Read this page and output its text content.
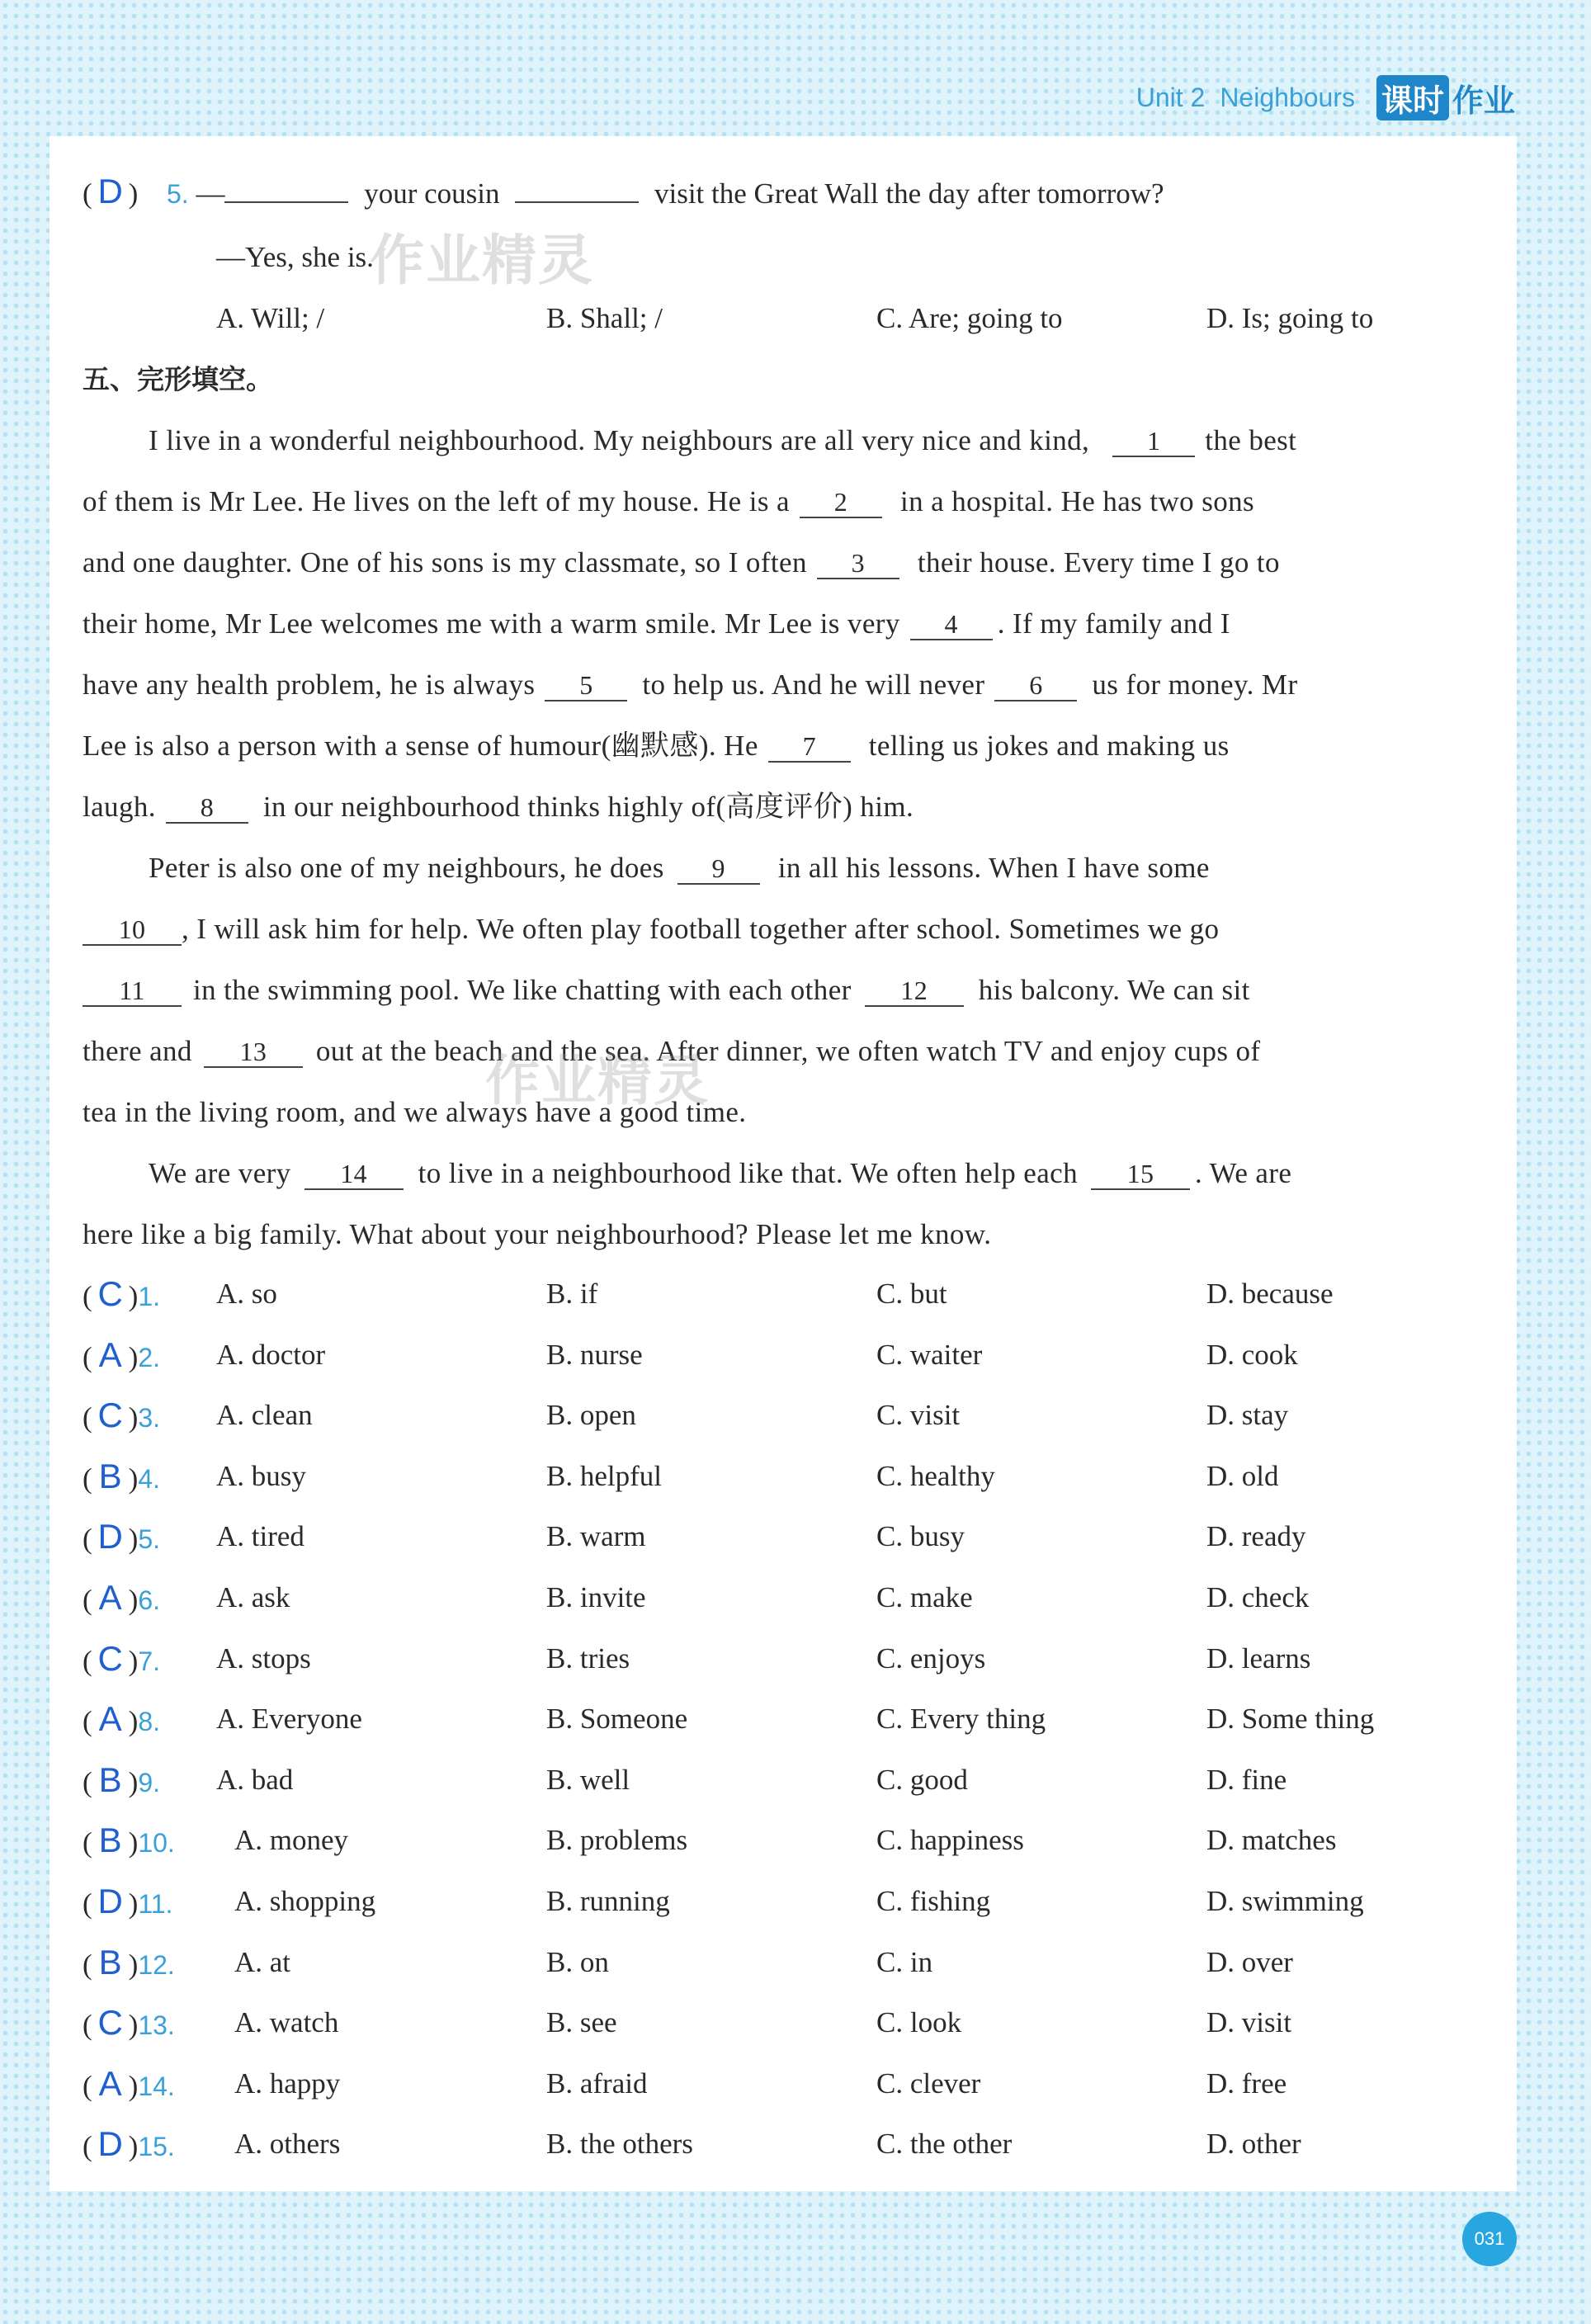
Unit 2 Neighbours 课时 作业
( D ) 5. —	your cousin	visit the Great Wall the day after tomorrow?
—Yes, she is.
A. Will; /	B. Shall; /	C. Are; going to	D. Is; going to
五、完形填空。
I live in a wonderful neighbourhood. My neighbours are all very nice and kind, 1 the best
of them is Mr Lee. He lives on the left of my house. He is a 2 in a hospital. He has two sons
and one daughter. One of his sons is my classmate, so I often 3 their house. Every time I go to
their home, Mr Lee welcomes me with a warm smile. Mr Lee is very 4 . If my family and I
have any health problem, he is always 5 to help us. And he will never 6 us for money. Mr
Lee is also a person with a sense of humour(幽默感). He 7 telling us jokes and making us
laugh. 8 in our neighbourhood thinks highly of(高度评价) him.
Peter is also one of my neighbours, he does 9 in all his lessons. When I have some
10 , I will ask him for help. We often play football together after school. Sometimes we go
11 in the swimming pool. We like chatting with each other 12 his balcony. We can sit
there and 13 out at the beach and the sea. After dinner, we often watch TV and enjoy cups of
tea in the living room, and we always have a good time.
We are very 14 to live in a neighbourhood like that. We often help each 15 . We are
here like a big family. What about your neighbourhood? Please let me know.
( C )1. A. so	B. if	C. but	D. because
( A )2. A. doctor	B. nurse	C. waiter	D. cook
( C )3. A. clean	B. open	C. visit	D. stay
( B )4. A. busy	B. helpful	C. healthy	D. old
( D )5. A. tired	B. warm	C. busy	D. ready
( A )6. A. ask	B. invite	C. make	D. check
( C )7. A. stops	B. tries	C. enjoys	D. learns
( A )8. A. Everyone	B. Someone	C. Every thing	D. Some thing
( B )9. A. bad	B. well	C. good	D. fine
( B )10. A. money	B. problems	C. happiness	D. matches
( D )11. A. shopping	B. running	C. fishing	D. swimming
( B )12. A. at	B. on	C. in	D. over
( C )13. A. watch	B. see	C. look	D. visit
( A )14. A. happy	B. afraid	C. clever	D. free
( D )15. A. others	B. the others	C. the other	D. other
作业精灵
作业精灵
031
